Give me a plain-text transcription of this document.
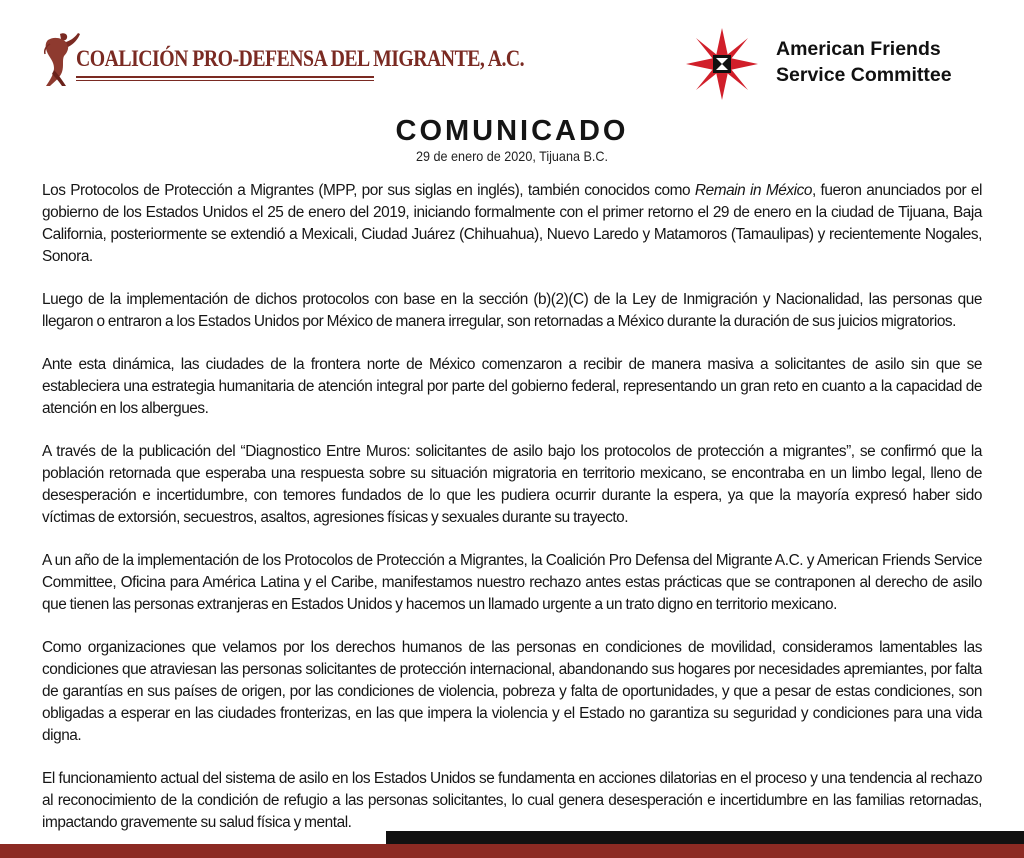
COALICIÓN PRO-DEFENSA DEL MIGRANTE, A.C.	American Friends
Service Committee
COMUNICADO
29 de enero de 2020, Tijuana B.C.

Los Protocolos de Protección a Migrantes (MPP, por sus siglas en inglés), también conocidos como Remain in México, fueron anunciados por el gobierno de los Estados Unidos el 25 de enero del 2019, iniciando formalmente con el primer retorno el 29 de enero en la ciudad de Tijuana, Baja California, posteriormente se extendió a Mexicali, Ciudad Juárez (Chihuahua), Nuevo Laredo y Matamoros (Tamaulipas) y recientemente Nogales, Sonora.

Luego de la implementación de dichos protocolos con base en la sección (b)(2)(C) de la Ley de Inmigración y Nacionalidad, las personas que llegaron o entraron a los Estados Unidos por México de manera irregular, son retornadas a México durante la duración de sus juicios migratorios.

Ante esta dinámica, las ciudades de la frontera norte de México comenzaron a recibir de manera masiva a solicitantes de asilo sin que se estableciera una estrategia humanitaria de atención integral por parte del gobierno federal, representando un gran reto en cuanto a la capacidad de atención en los albergues.

A través de la publicación del “Diagnostico Entre Muros: solicitantes de asilo bajo los protocolos de protección a migrantes”, se confirmó que la población retornada que esperaba una respuesta sobre su situación migratoria en territorio mexicano, se encontraba en un limbo legal, lleno de desesperación e incertidumbre, con temores fundados de lo que les pudiera ocurrir durante la espera, ya que la mayoría expresó haber sido víctimas de extorsión, secuestros, asaltos, agresiones físicas y sexuales durante su trayecto.

A un año de la implementación de los Protocolos de Protección a Migrantes, la Coalición Pro Defensa del Migrante A.C. y American Friends Service Committee, Oficina para América Latina y el Caribe, manifestamos nuestro rechazo antes estas prácticas que se contraponen al derecho de asilo que tienen las personas extranjeras en Estados Unidos y hacemos un llamado urgente a un trato digno en territorio mexicano.

Como organizaciones que velamos por los derechos humanos de las personas en condiciones de movilidad, consideramos lamentables las condiciones que atraviesan las personas solicitantes de protección internacional, abandonando sus hogares por necesidades apremiantes, por falta de garantías en sus países de origen, por las condiciones de violencia, pobreza y falta de oportunidades, y que a pesar de estas condiciones, son obligadas a esperar en las ciudades fronterizas, en las que impera la violencia y el Estado no garantiza su seguridad y condiciones para una vida digna.

El funcionamiento actual del sistema de asilo en los Estados Unidos se fundamenta en acciones dilatorias en el proceso y una tendencia al rechazo al reconocimiento de la condición de refugio a las personas solicitantes, lo cual genera desesperación e incertidumbre en las familias retornadas, impactando gravemente su salud física y mental.
